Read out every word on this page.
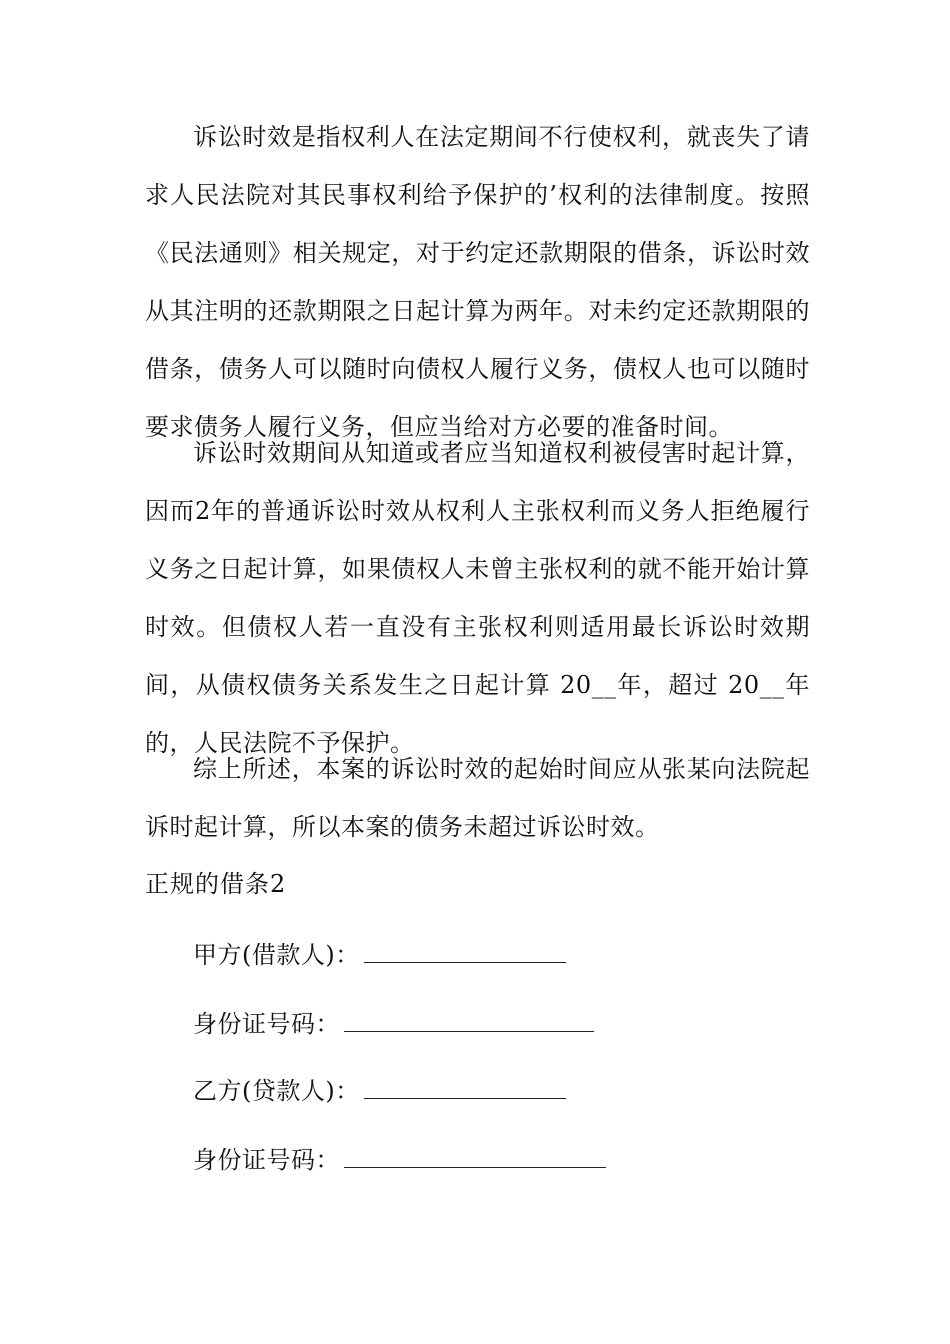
诉讼时效是指权利人在法定期间不行使权利，就丧失了请求人民法院对其民事权利给予保护的’权利的法律制度。按照《民法通则》相关规定，对于约定还款期限的借条，诉讼时效从其注明的还款期限之日起计算为两年。对未约定还款期限的借条，债务人可以随时向债权人履行义务，债权人也可以随时要求债务人履行义务，但应当给对方必要的准备时间。

诉讼时效期间从知道或者应当知道权利被侵害时起计算，因而2年的普通诉讼时效从权利人主张权利而义务人拒绝履行义务之日起计算，如果债权人未曾主张权利的就不能开始计算时效。但债权人若一直没有主张权利则适用最长诉讼时效期间，从债权债务关系发生之日起计算 20__年，超过 20__年的，人民法院不予保护。

综上所述，本案的诉讼时效的起始时间应从张某向法院起诉时起计算，所以本案的债务未超过诉讼时效。

正规的借条2

甲方(借款人)：

身份证号码：

乙方(贷款人)：

身份证号码：
